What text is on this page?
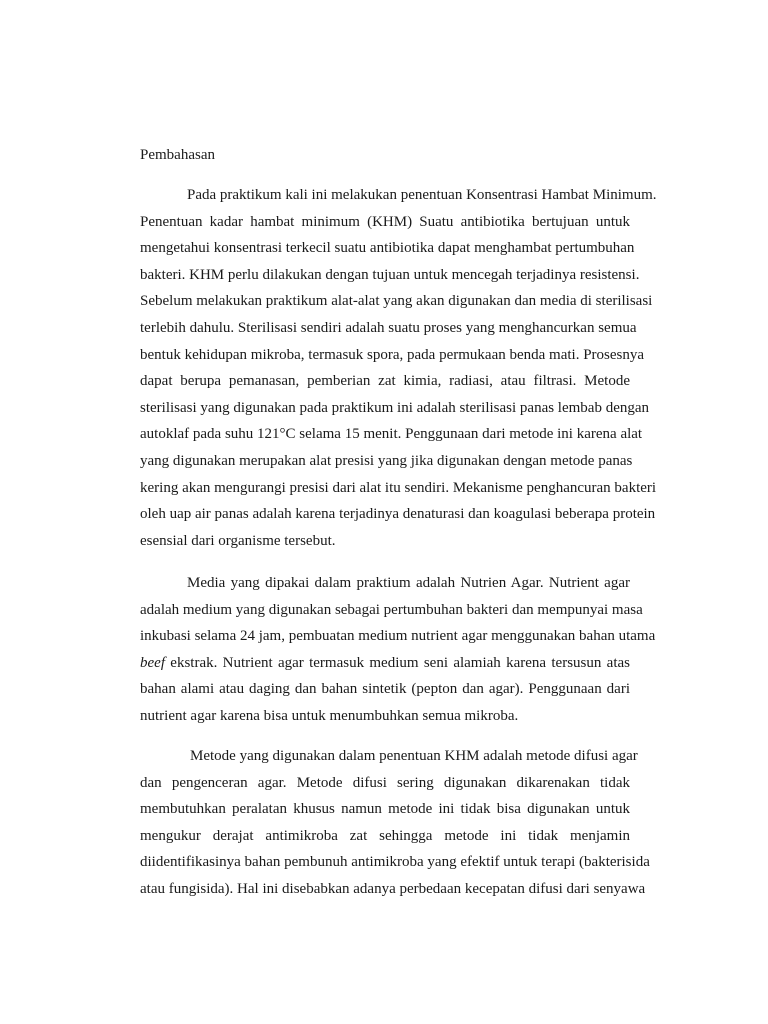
Pembahasan
Pada praktikum kali ini melakukan penentuan Konsentrasi Hambat Minimum.
Penentuan kadar hambat minimum (KHM) Suatu antibiotika bertujuan untuk
mengetahui konsentrasi terkecil suatu antibiotika dapat menghambat pertumbuhan
bakteri. KHM perlu dilakukan dengan tujuan untuk mencegah terjadinya resistensi.
Sebelum melakukan praktikum alat-alat yang akan digunakan dan media di sterilisasi
terlebih dahulu. Sterilisasi sendiri adalah suatu proses yang menghancurkan semua
bentuk kehidupan mikroba, termasuk spora, pada permukaan benda mati. Prosesnya
dapat berupa pemanasan, pemberian zat kimia, radiasi, atau filtrasi. Metode
sterilisasi yang digunakan pada praktikum ini adalah sterilisasi panas lembab dengan
autoklaf pada suhu 121°C selama 15 menit. Penggunaan dari metode ini karena alat
yang digunakan merupakan alat presisi yang jika digunakan dengan metode panas
kering akan mengurangi presisi dari alat itu sendiri. Mekanisme penghancuran bakteri
oleh uap air panas adalah karena terjadinya denaturasi dan koagulasi beberapa protein
esensial dari organisme tersebut.
Media yang dipakai dalam praktium adalah Nutrien Agar. Nutrient agar
adalah medium yang digunakan sebagai pertumbuhan bakteri dan mempunyai masa
inkubasi selama 24 jam, pembuatan medium nutrient agar menggunakan bahan utama
beef ekstrak. Nutrient agar termasuk medium seni alamiah karena tersusun atas
bahan alami atau daging dan bahan sintetik (pepton dan agar). Penggunaan dari
nutrient agar karena bisa untuk menumbuhkan semua mikroba.
Metode yang digunakan dalam penentuan KHM adalah metode difusi agar
dan pengenceran agar. Metode difusi sering digunakan dikarenakan tidak
membutuhkan peralatan khusus namun metode ini tidak bisa digunakan untuk
mengukur derajat antimikroba zat sehingga metode ini tidak menjamin
diidentifikasinya bahan pembunuh antimikroba yang efektif untuk terapi (bakterisida
atau fungisida). Hal ini disebabkan adanya perbedaan kecepatan difusi dari senyawa
